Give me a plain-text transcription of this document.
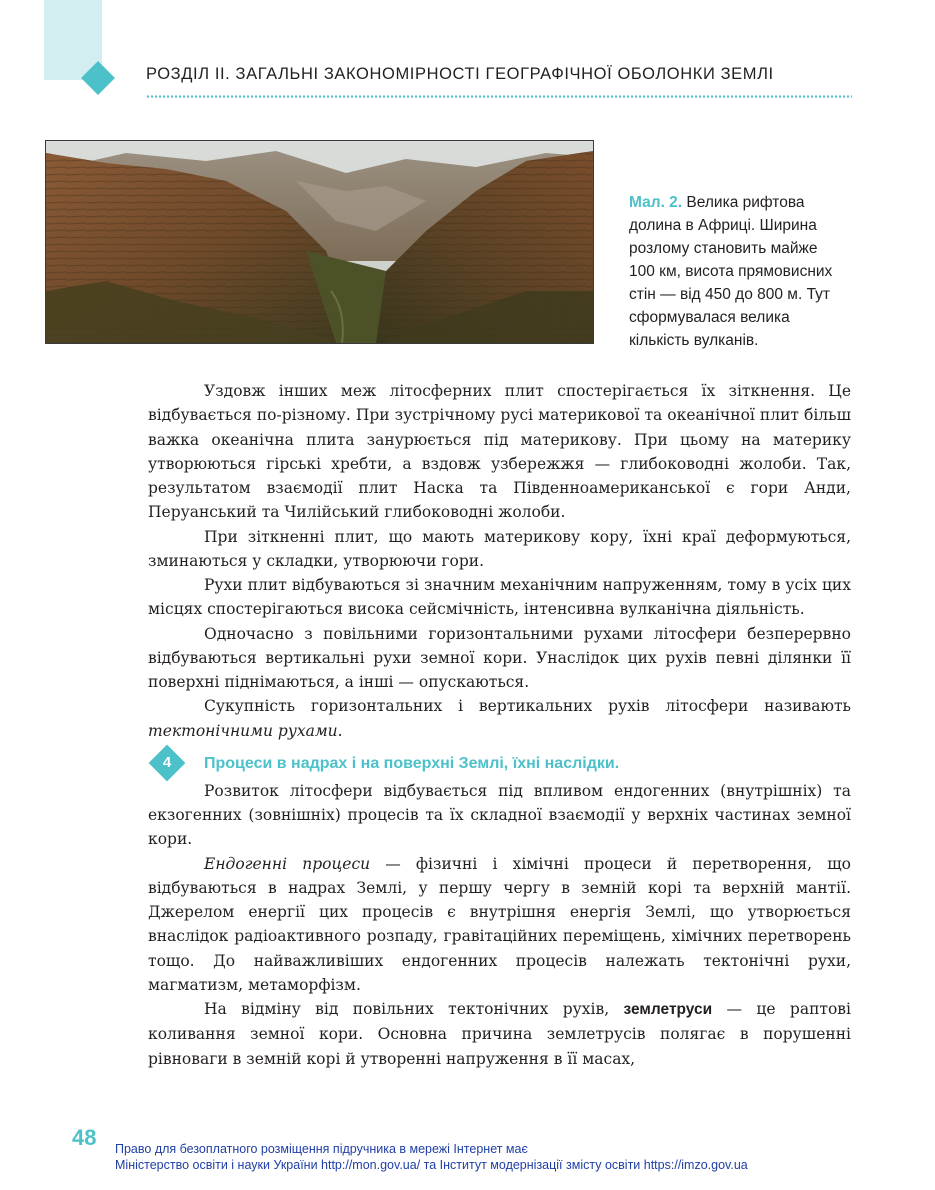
РОЗДІЛ ІІ. ЗАГАЛЬНІ ЗАКОНОМІРНОСТІ ГЕОГРАФІЧНОЇ ОБОЛОНКИ ЗЕМЛІ
Мал. 2. Велика рифтова долина в Африці. Ширина розлому становить майже 100 км, висота прямовисних стін — від 450 до 800 м. Тут сформувалася велика кількість вулканів.

Уздовж інших меж літосферних плит спостерігається їх зіткнення. Це відбувається по-різному. При зустрічному русі материкової та океанічної плит більш важка океанічна плита занурюється під материкову. При цьому на материку утворюються гірські хребти, а вздовж узбережжя — глибоководні жолоби. Так, результатом взаємодії плит Наска та Південноамериканської є гори Анди, Перуанський та Чилійський глибоководні жолоби.

При зіткненні плит, що мають материкову кору, їхні краї деформуються, зминаються у складки, утворюючи гори.

Рухи плит відбуваються зі значним механічним напруженням, тому в усіх цих місцях спостерігаються висока сейсмічність, інтенсивна вулканічна діяльність.

Одночасно з повільними горизонтальними рухами літосфери безперервно відбуваються вертикальні рухи земної кори. Унаслідок цих рухів певні ділянки її поверхні піднімаються, а інші — опускаються.

Сукупність горизонтальних і вертикальних рухів літосфери називають тектонічними рухами.

4	Процеси в надрах і на поверхні Землі, їхні наслідки.

Розвиток літосфери відбувається під впливом ендогенних (внутрішніх) та екзогенних (зовнішніх) процесів та їх складної взаємодії у верхніх частинах земної кори.

Ендогенні процеси — фізичні і хімічні процеси й перетворення, що відбуваються в надрах Землі, у першу чергу в земній корі та верхній мантії. Джерелом енергії цих процесів є внутрішня енергія Землі, що утворюється внаслідок радіоактивного розпаду, гравітаційних переміщень, хімічних перетворень тощо. До найважливіших ендогенних процесів належать тектонічні рухи, магматизм, метаморфізм.

На відміну від повільних тектонічних рухів, землетруси — це раптові коливання земної кори. Основна причина землетрусів полягає в порушенні рівноваги в земній корі й утворенні напруження в її масах,

48 Право для безоплатного розміщення підручника в мережі Інтернет має
Міністерство освіти і науки України http://mon.gov.ua/ та Інститут модернізації змісту освіти https://imzo.gov.ua
